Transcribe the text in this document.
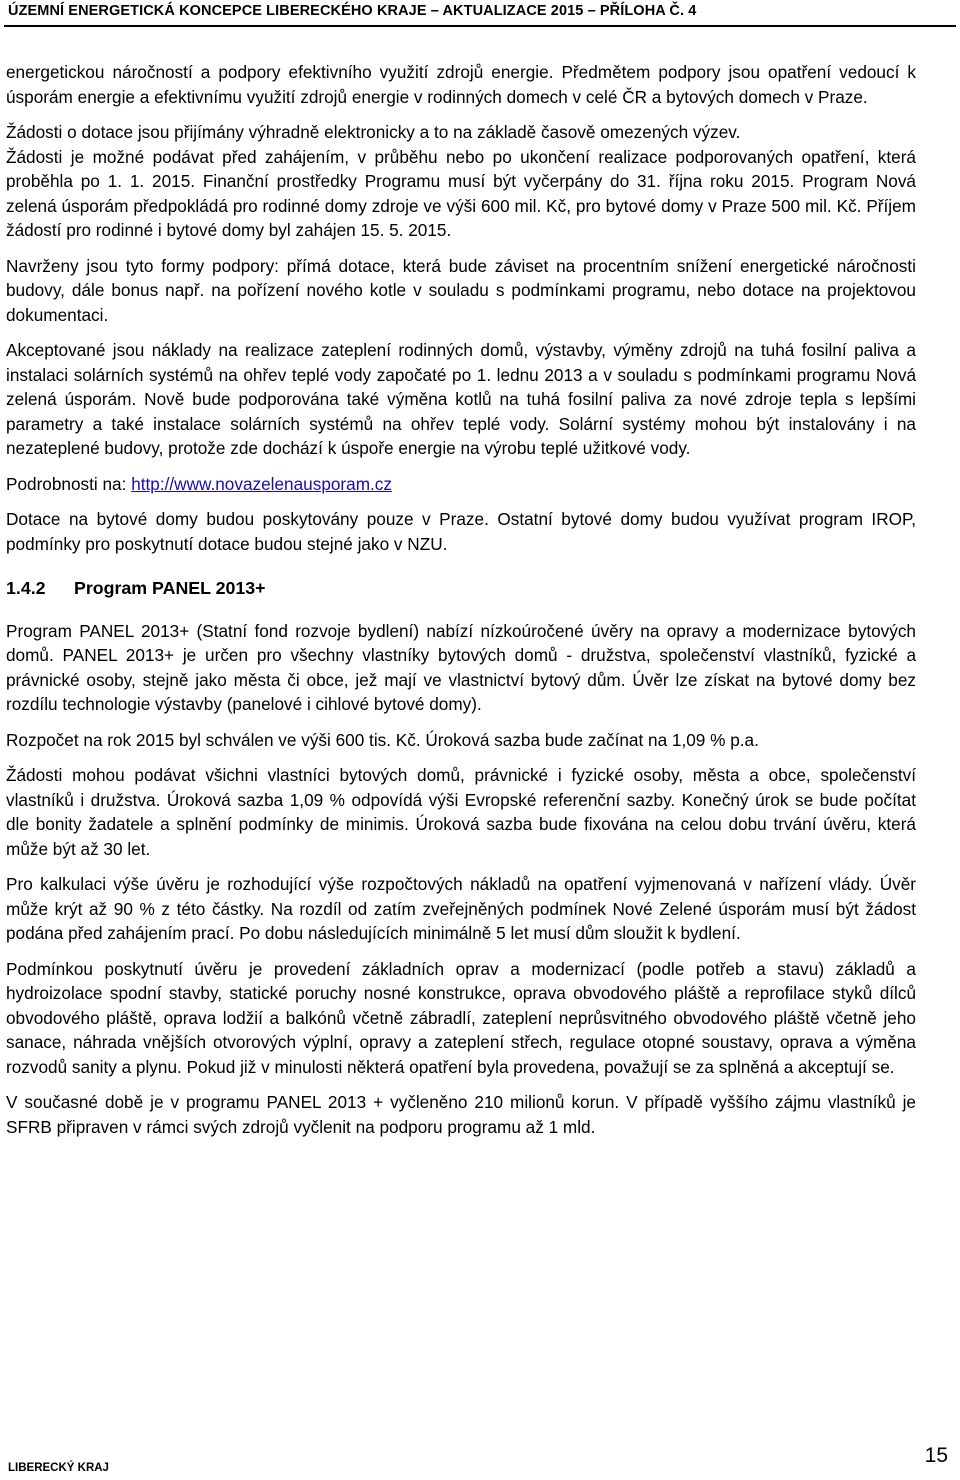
ÚZEMNÍ ENERGETICKÁ KONCEPCE LIBERECKÉHO KRAJE – AKTUALIZACE 2015 – PŘÍLOHA Č. 4

energetickou náročností a podpory efektivního využití zdrojů energie. Předmětem podpory jsou opatření vedoucí k úsporám energie a efektivnímu využití zdrojů energie v rodinných domech v celé ČR a bytových domech v Praze.

Žádosti o dotace jsou přijímány výhradně elektronicky a to na základě časově omezených výzev.

Žádosti je možné podávat před zahájením, v průběhu nebo po ukončení realizace podporovaných opatření, která proběhla po 1. 1. 2015. Finanční prostředky Programu musí být vyčerpány do 31. října roku 2015. Program Nová zelená úsporám předpokládá pro rodinné domy zdroje ve výši 600 mil. Kč, pro bytové domy v Praze 500 mil. Kč. Příjem žádostí pro rodinné i bytové domy byl zahájen 15. 5. 2015.

Navrženy jsou tyto formy podpory: přímá dotace, která bude záviset na procentním snížení energetické náročnosti budovy, dále bonus např. na pořízení nového kotle v souladu s podmínkami programu, nebo dotace na projektovou dokumentaci.

Akceptované jsou náklady na realizace zateplení rodinných domů, výstavby, výměny zdrojů na tuhá fosilní paliva a instalaci solárních systémů na ohřev teplé vody započaté po 1. lednu 2013 a v souladu s podmínkami programu Nová zelená úsporám. Nově bude podporována také výměna kotlů na tuhá fosilní paliva za nové zdroje tepla s lepšími parametry a také instalace solárních systémů na ohřev teplé vody. Solární systémy mohou být instalovány i na nezateplené budovy, protože zde dochází k úspoře energie na výrobu teplé užitkové vody.

Podrobnosti na: http://www.novazelenausporam.cz

Dotace na bytové domy budou poskytovány pouze v Praze. Ostatní bytové domy budou využívat program IROP, podmínky pro poskytnutí dotace budou stejné jako v NZU.

1.4.2 Program PANEL 2013+

Program PANEL 2013+ (Statní fond rozvoje bydlení) nabízí nízkoúročené úvěry na opravy a modernizace bytových domů. PANEL 2013+ je určen pro všechny vlastníky bytových domů - družstva, společenství vlastníků, fyzické a právnické osoby, stejně jako města či obce, jež mají ve vlastnictví bytový dům. Úvěr lze získat na bytové domy bez rozdílu technologie výstavby (panelové i cihlové bytové domy).

Rozpočet na rok 2015 byl schválen ve výši 600 tis. Kč. Úroková sazba bude začínat na 1,09 % p.a.

Žádosti mohou podávat všichni vlastníci bytových domů, právnické i fyzické osoby, města a obce, společenství vlastníků i družstva. Úroková sazba 1,09 % odpovídá výši Evropské referenční sazby. Konečný úrok se bude počítat dle bonity žadatele a splnění podmínky de minimis. Úroková sazba bude fixována na celou dobu trvání úvěru, která může být až 30 let.

Pro kalkulaci výše úvěru je rozhodující výše rozpočtových nákladů na opatření vyjmenovaná v nařízení vlády. Úvěr může krýt až 90 % z této částky. Na rozdíl od zatím zveřejněných podmínek Nové Zelené úsporám musí být žádost podána před zahájením prací. Po dobu následujících minimálně 5 let musí dům sloužit k bydlení.

Podmínkou poskytnutí úvěru je provedení základních oprav a modernizací (podle potřeb a stavu) základů a hydroizolace spodní stavby, statické poruchy nosné konstrukce, oprava obvodového pláště a reprofilace styků dílců obvodového pláště, oprava lodžií a balkónů včetně zábradlí, zateplení neprůsvitného obvodového pláště včetně jeho sanace, náhrada vnějších otvorových výplní, opravy a zateplení střech, regulace otopné soustavy, oprava a výměna rozvodů sanity a plynu. Pokud již v minulosti některá opatření byla provedena, považují se za splněná a akceptují se.

V současné době je v programu PANEL 2013 + vyčleněno 210 milionů korun. V případě vyššího zájmu vlastníků je SFRB připraven v rámci svých zdrojů vyčlenit na podporu programu až 1 mld.

LIBERECKÝ KRAJ
15
